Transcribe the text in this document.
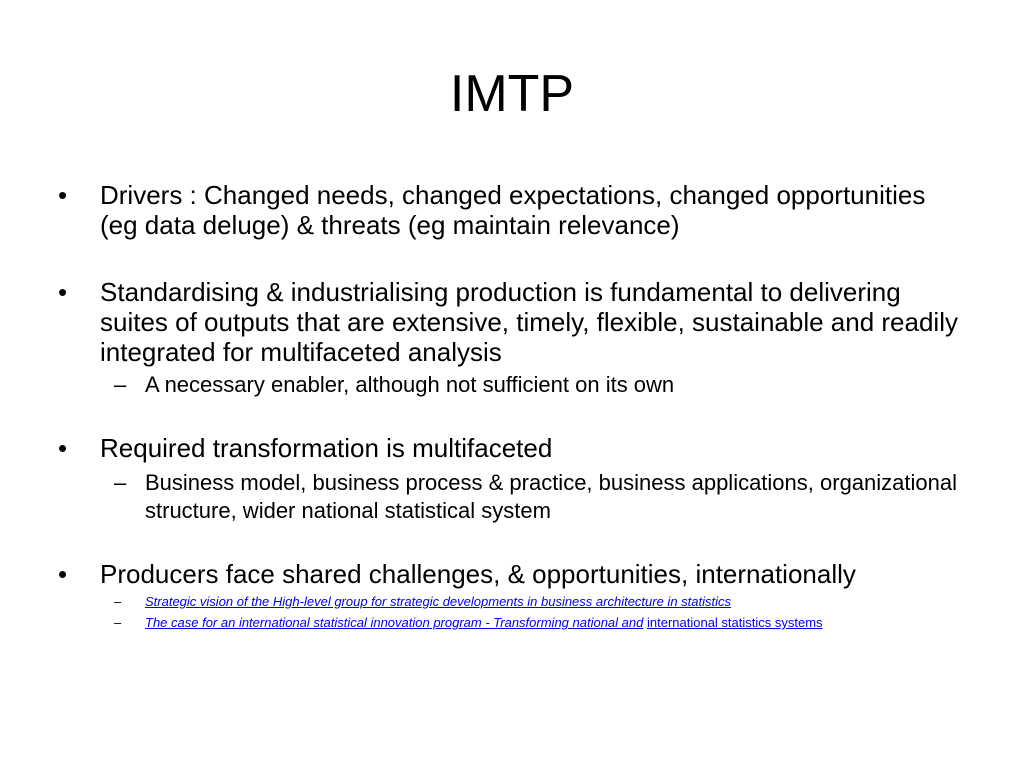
IMTP
•	Drivers : Changed needs, changed expectations, changed opportunities (eg data deluge) & threats (eg maintain relevance)
•	Standardising & industrialising production is fundamental to delivering suites of outputs that are extensive, timely, flexible, sustainable and readily integrated for multifaceted analysis
– A necessary enabler, although not sufficient on its own
•	Required transformation is multifaceted
– Business model, business process & practice, business applications, organizational structure, wider national statistical system
•	Producers face shared challenges, & opportunities, internationally
– Strategic vision of the High-level group for strategic developments in business architecture in statistics
– The case for an international statistical innovation program - Transforming national and international statistics systems
